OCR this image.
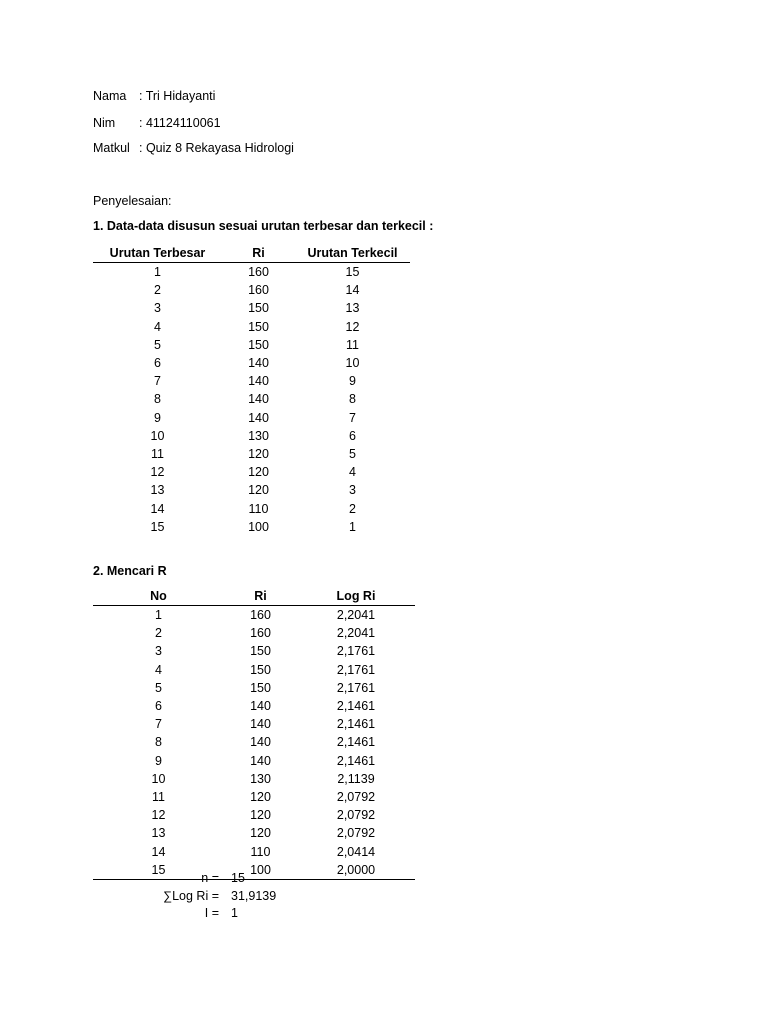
Nama : Tri Hidayanti
Nim : 41124110061
Matkul : Quiz 8 Rekayasa Hidrologi
Penyelesaian:
1. Data-data disusun sesuai urutan terbesar dan terkecil :
Urutan Terbesar	Ri	Urutan Terkecil
1	160	15
2	160	14
3	150	13
4	150	12
5	150	11
6	140	10
7	140	9
8	140	8
9	140	7
10	130	6
11	120	5
12	120	4
13	120	3
14	110	2
15	100	1
2. Mencari R
No	Ri	Log Ri
1	160	2,2041
2	160	2,2041
3	150	2,1761
4	150	2,1761
5	150	2,1761
6	140	2,1461
7	140	2,1461
8	140	2,1461
9	140	2,1461
10	130	2,1139
11	120	2,0792
12	120	2,0792
13	120	2,0792
14	110	2,0414
15	100	2,0000
n = 15
∑Log Ri = 31,9139
I = 1
